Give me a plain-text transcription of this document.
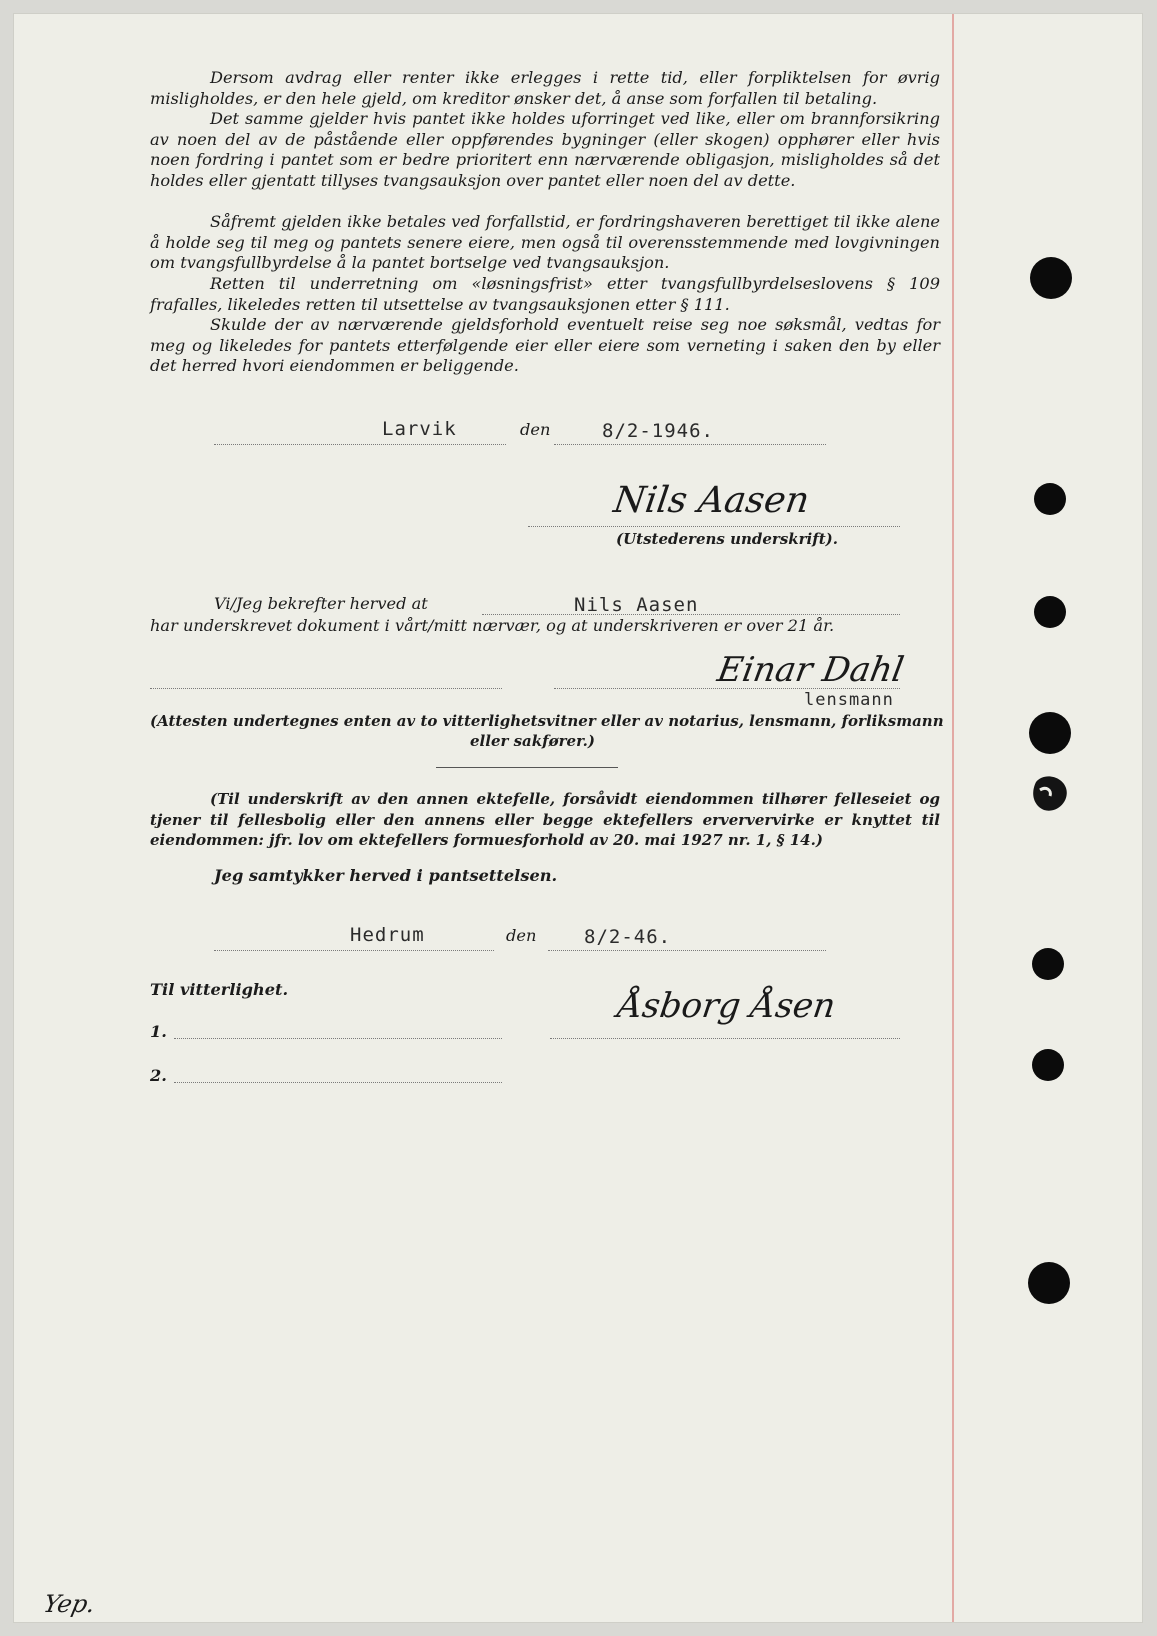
Dersom avdrag eller renter ikke erlegges i rette tid, eller forpliktelsen for øvrig misligholdes, er den hele gjeld, om kreditor ønsker det, å anse som forfallen til betaling.

Det samme gjelder hvis pantet ikke holdes uforringet ved like, eller om brannforsikring av noen del av de påstående eller oppførendes bygninger (eller skogen) opphører eller hvis noen fordring i pantet som er bedre prioritert enn nærværende obligasjon, misligholdes så det holdes eller gjentatt tillyses tvangsauksjon over pantet eller noen del av dette.

Såfremt gjelden ikke betales ved forfallstid, er fordringshaveren berettiget til ikke alene å holde seg til meg og pantets senere eiere, men også til overensstemmende med lovgivningen om tvangsfullbyrdelse å la pantet bortselge ved tvangsauksjon.

Retten til underretning om «løsningsfrist» etter tvangsfullbyrdelseslovens § 109 frafalles, likeledes retten til utsettelse av tvangsauksjonen etter § 111.

Skulde der av nærværende gjeldsforhold eventuelt reise seg noe søksmål, vedtas for meg og likeledes for pantets etterfølgende eier eller eiere som verneting i saken den by eller det herred hvori eiendommen er beliggende.

Larvik	den	8/2-1946.
Nils Aasen
(Utstederens underskrift).
Vi/Jeg bekrefter herved at	Nils Aasen
har underskrevet dokument i vårt/mitt nærvær, og at underskriveren er over 21 år.
Einar Dahl
lensmann
(Attesten undertegnes enten av to vitterlighetsvitner eller av notarius, lensmann, forliksmann
eller sakfører.)

(Til underskrift av den annen ektefelle, forsåvidt eiendommen tilhører felleseiet og tjener til fellesbolig eller den annens eller begge ektefellers erververvirke er knyttet til eiendommen: jfr. lov om ektefellers formuesforhold av 20. mai 1927 nr. 1, § 14.)

Jeg samtykker herved i pantsettelsen.
Hedrum	den	8/2-46.
Til vitterlighet.
1.
2.
Åsborg Åsen
Yep.
